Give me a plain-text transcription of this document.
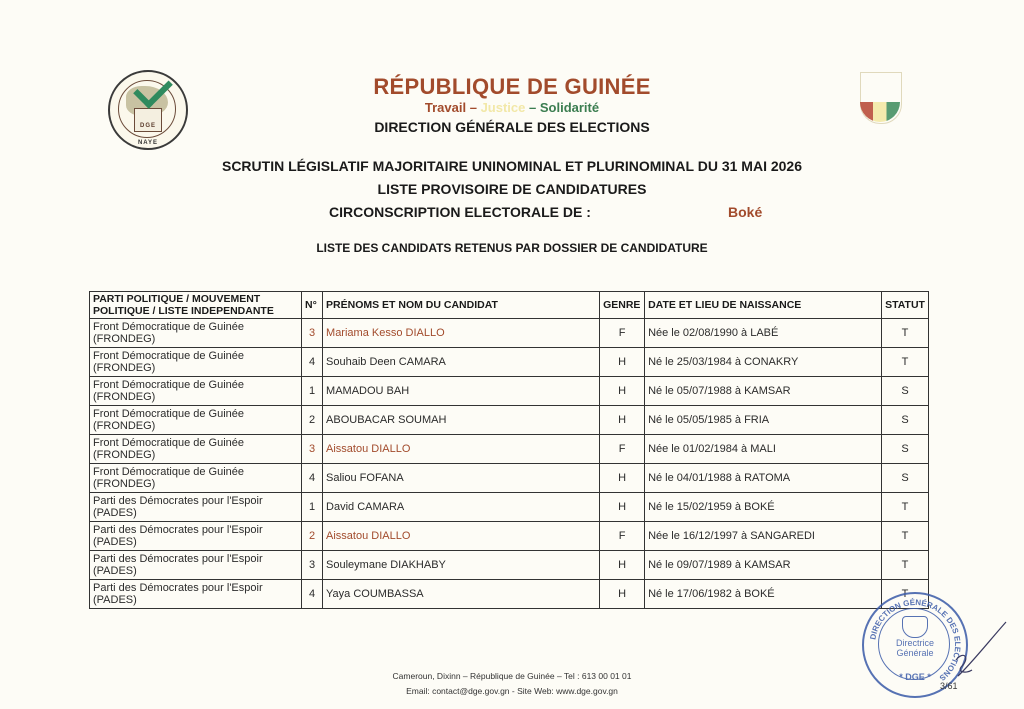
DGE
NAYE
RÉPUBLIQUE DE GUINÉE
Travail – Justice – Solidarité
DIRECTION GÉNÉRALE DES ELECTIONS
SCRUTIN LÉGISLATIF MAJORITAIRE UNINOMINAL ET PLURINOMINAL DU 31 MAI 2026
LISTE PROVISOIRE DE CANDIDATURES
CIRCONSCRIPTION ELECTORALE DE :	Boké
LISTE DES CANDIDATS RETENUS PAR DOSSIER DE CANDIDATURE
PARTI POLITIQUE / MOUVEMENT POLITIQUE / LISTE INDEPENDANTE	N°	PRÉNOMS ET NOM DU CANDIDAT	GENRE	DATE ET LIEU DE NAISSANCE	STATUT
Front Démocratique de Guinée (FRONDEG)	3	Mariama Kesso DIALLO	F	Née le 02/08/1990 à LABÉ	T
Front Démocratique de Guinée (FRONDEG)	4	Souhaib Deen CAMARA	H	Né le 25/03/1984 à CONAKRY	T
Front Démocratique de Guinée (FRONDEG)	1	MAMADOU BAH	H	Né le 05/07/1988 à KAMSAR	S
Front Démocratique de Guinée (FRONDEG)	2	ABOUBACAR SOUMAH	H	Né le 05/05/1985 à FRIA	S
Front Démocratique de Guinée (FRONDEG)	3	Aissatou DIALLO	F	Née le 01/02/1984 à MALI	S
Front Démocratique de Guinée (FRONDEG)	4	Saliou FOFANA	H	Né le 04/01/1988 à RATOMA	S
Parti des Démocrates pour l'Espoir (PADES)	1	David CAMARA	H	Né le 15/02/1959 à BOKÉ	T
Parti des Démocrates pour l'Espoir (PADES)	2	Aissatou DIALLO	F	Née le 16/12/1997 à SANGAREDI	T
Parti des Démocrates pour l'Espoir (PADES)	3	Souleymane DIAKHABY	H	Né le 09/07/1989 à KAMSAR	T
Parti des Démocrates pour l'Espoir (PADES)	4	Yaya COUMBASSA	H	Né le 17/06/1982 à BOKÉ	T
DIRECTION GÉNÉRALE DES ELECTIONS
Directrice
Générale
* DGE *
3/61
Cameroun, Dixinn – République de Guinée – Tel : 613 00 01 01
Email: contact@dge.gov.gn - Site Web: www.dge.gov.gn
